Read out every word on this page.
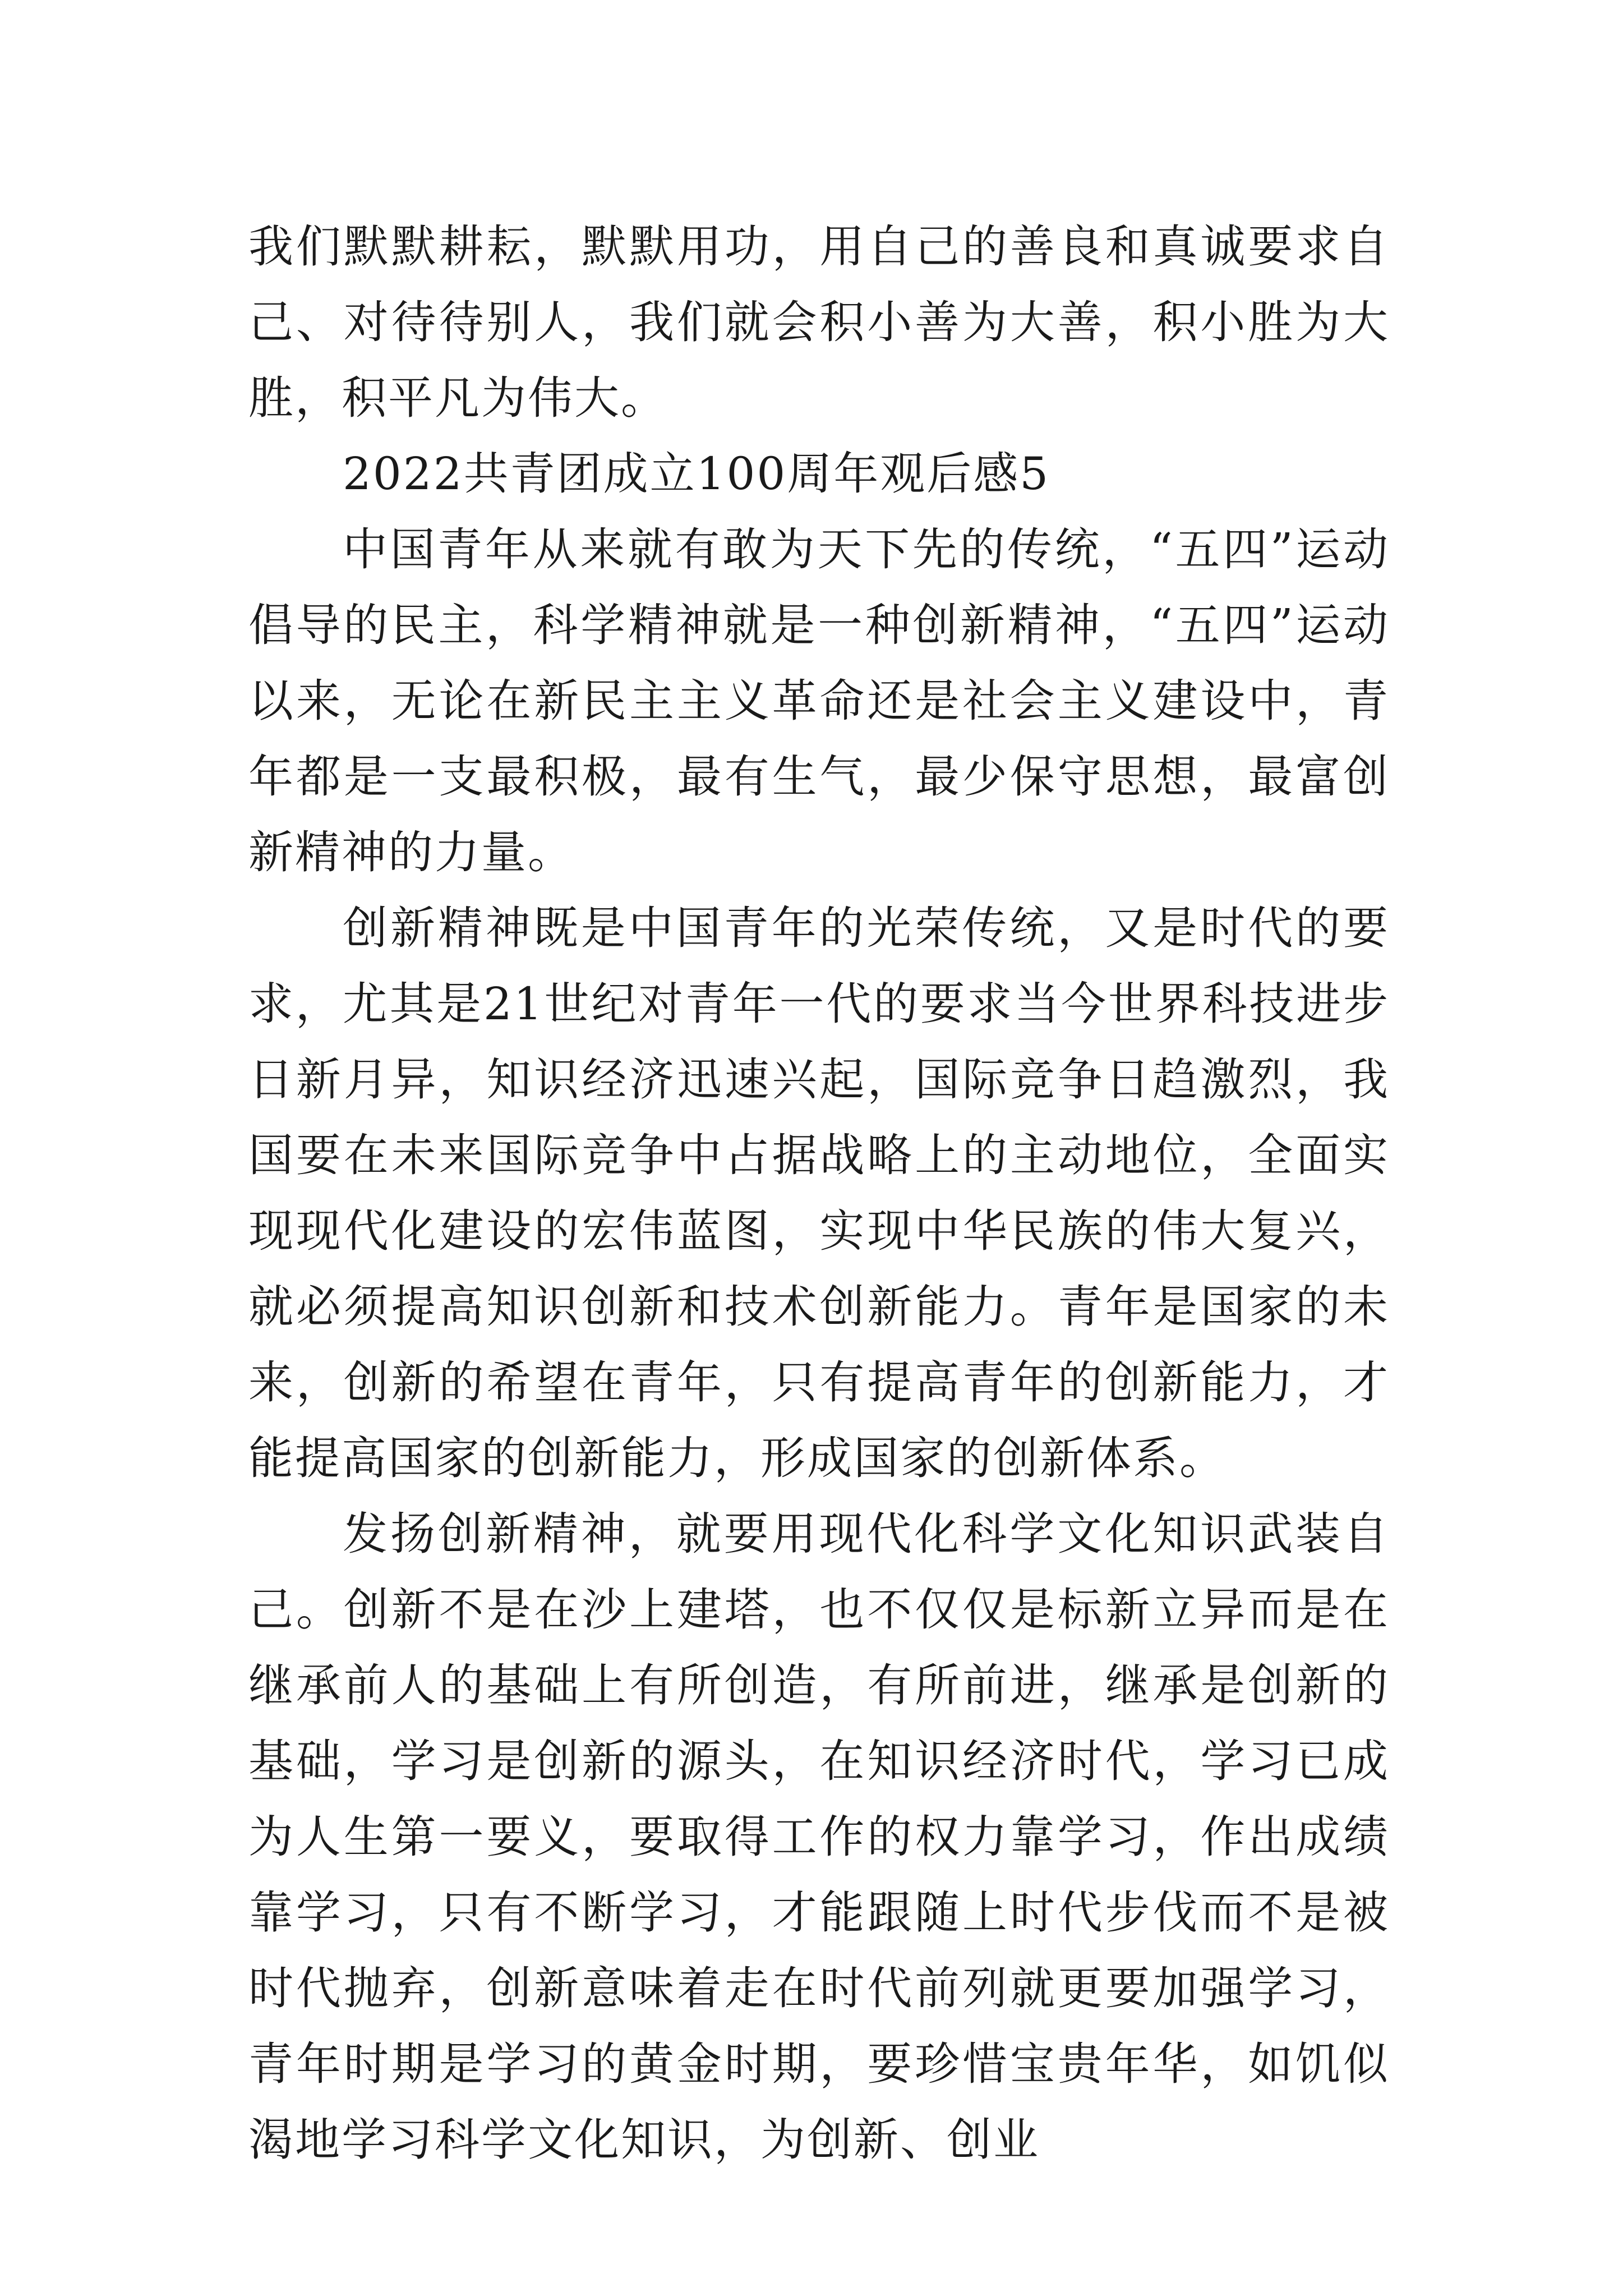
我们默默耕耘，默默用功，用自己的善良和真诚要求自己、对待待别人，我们就会积小善为大善，积小胜为大胜，积平凡为伟大。

2022共青团成立100周年观后感5

中国青年从来就有敢为天下先的传统，“五四”运动倡导的民主，科学精神就是一种创新精神，“五四”运动以来，无论在新民主主义革命还是社会主义建设中，青年都是一支最积极，最有生气，最少保守思想，最富创新精神的力量。

创新精神既是中国青年的光荣传统，又是时代的要求，尤其是21世纪对青年一代的要求当今世界科技进步日新月异，知识经济迅速兴起，国际竞争日趋激烈，我国要在未来国际竞争中占据战略上的主动地位，全面实现现代化建设的宏伟蓝图，实现中华民族的伟大复兴，就必须提高知识创新和技术创新能力。青年是国家的未来，创新的希望在青年，只有提高青年的创新能力，才能提高国家的创新能力，形成国家的创新体系。

发扬创新精神，就要用现代化科学文化知识武装自己。创新不是在沙上建塔，也不仅仅是标新立异而是在继承前人的基础上有所创造，有所前进，继承是创新的基础，学习是创新的源头，在知识经济时代，学习已成为人生第一要义，要取得工作的权力靠学习，作出成绩靠学习，只有不断学习，才能跟随上时代步伐而不是被时代抛弃，创新意味着走在时代前列就更要加强学习，青年时期是学习的黄金时期，要珍惜宝贵年华，如饥似渴地学习科学文化知识，为创新、创业
